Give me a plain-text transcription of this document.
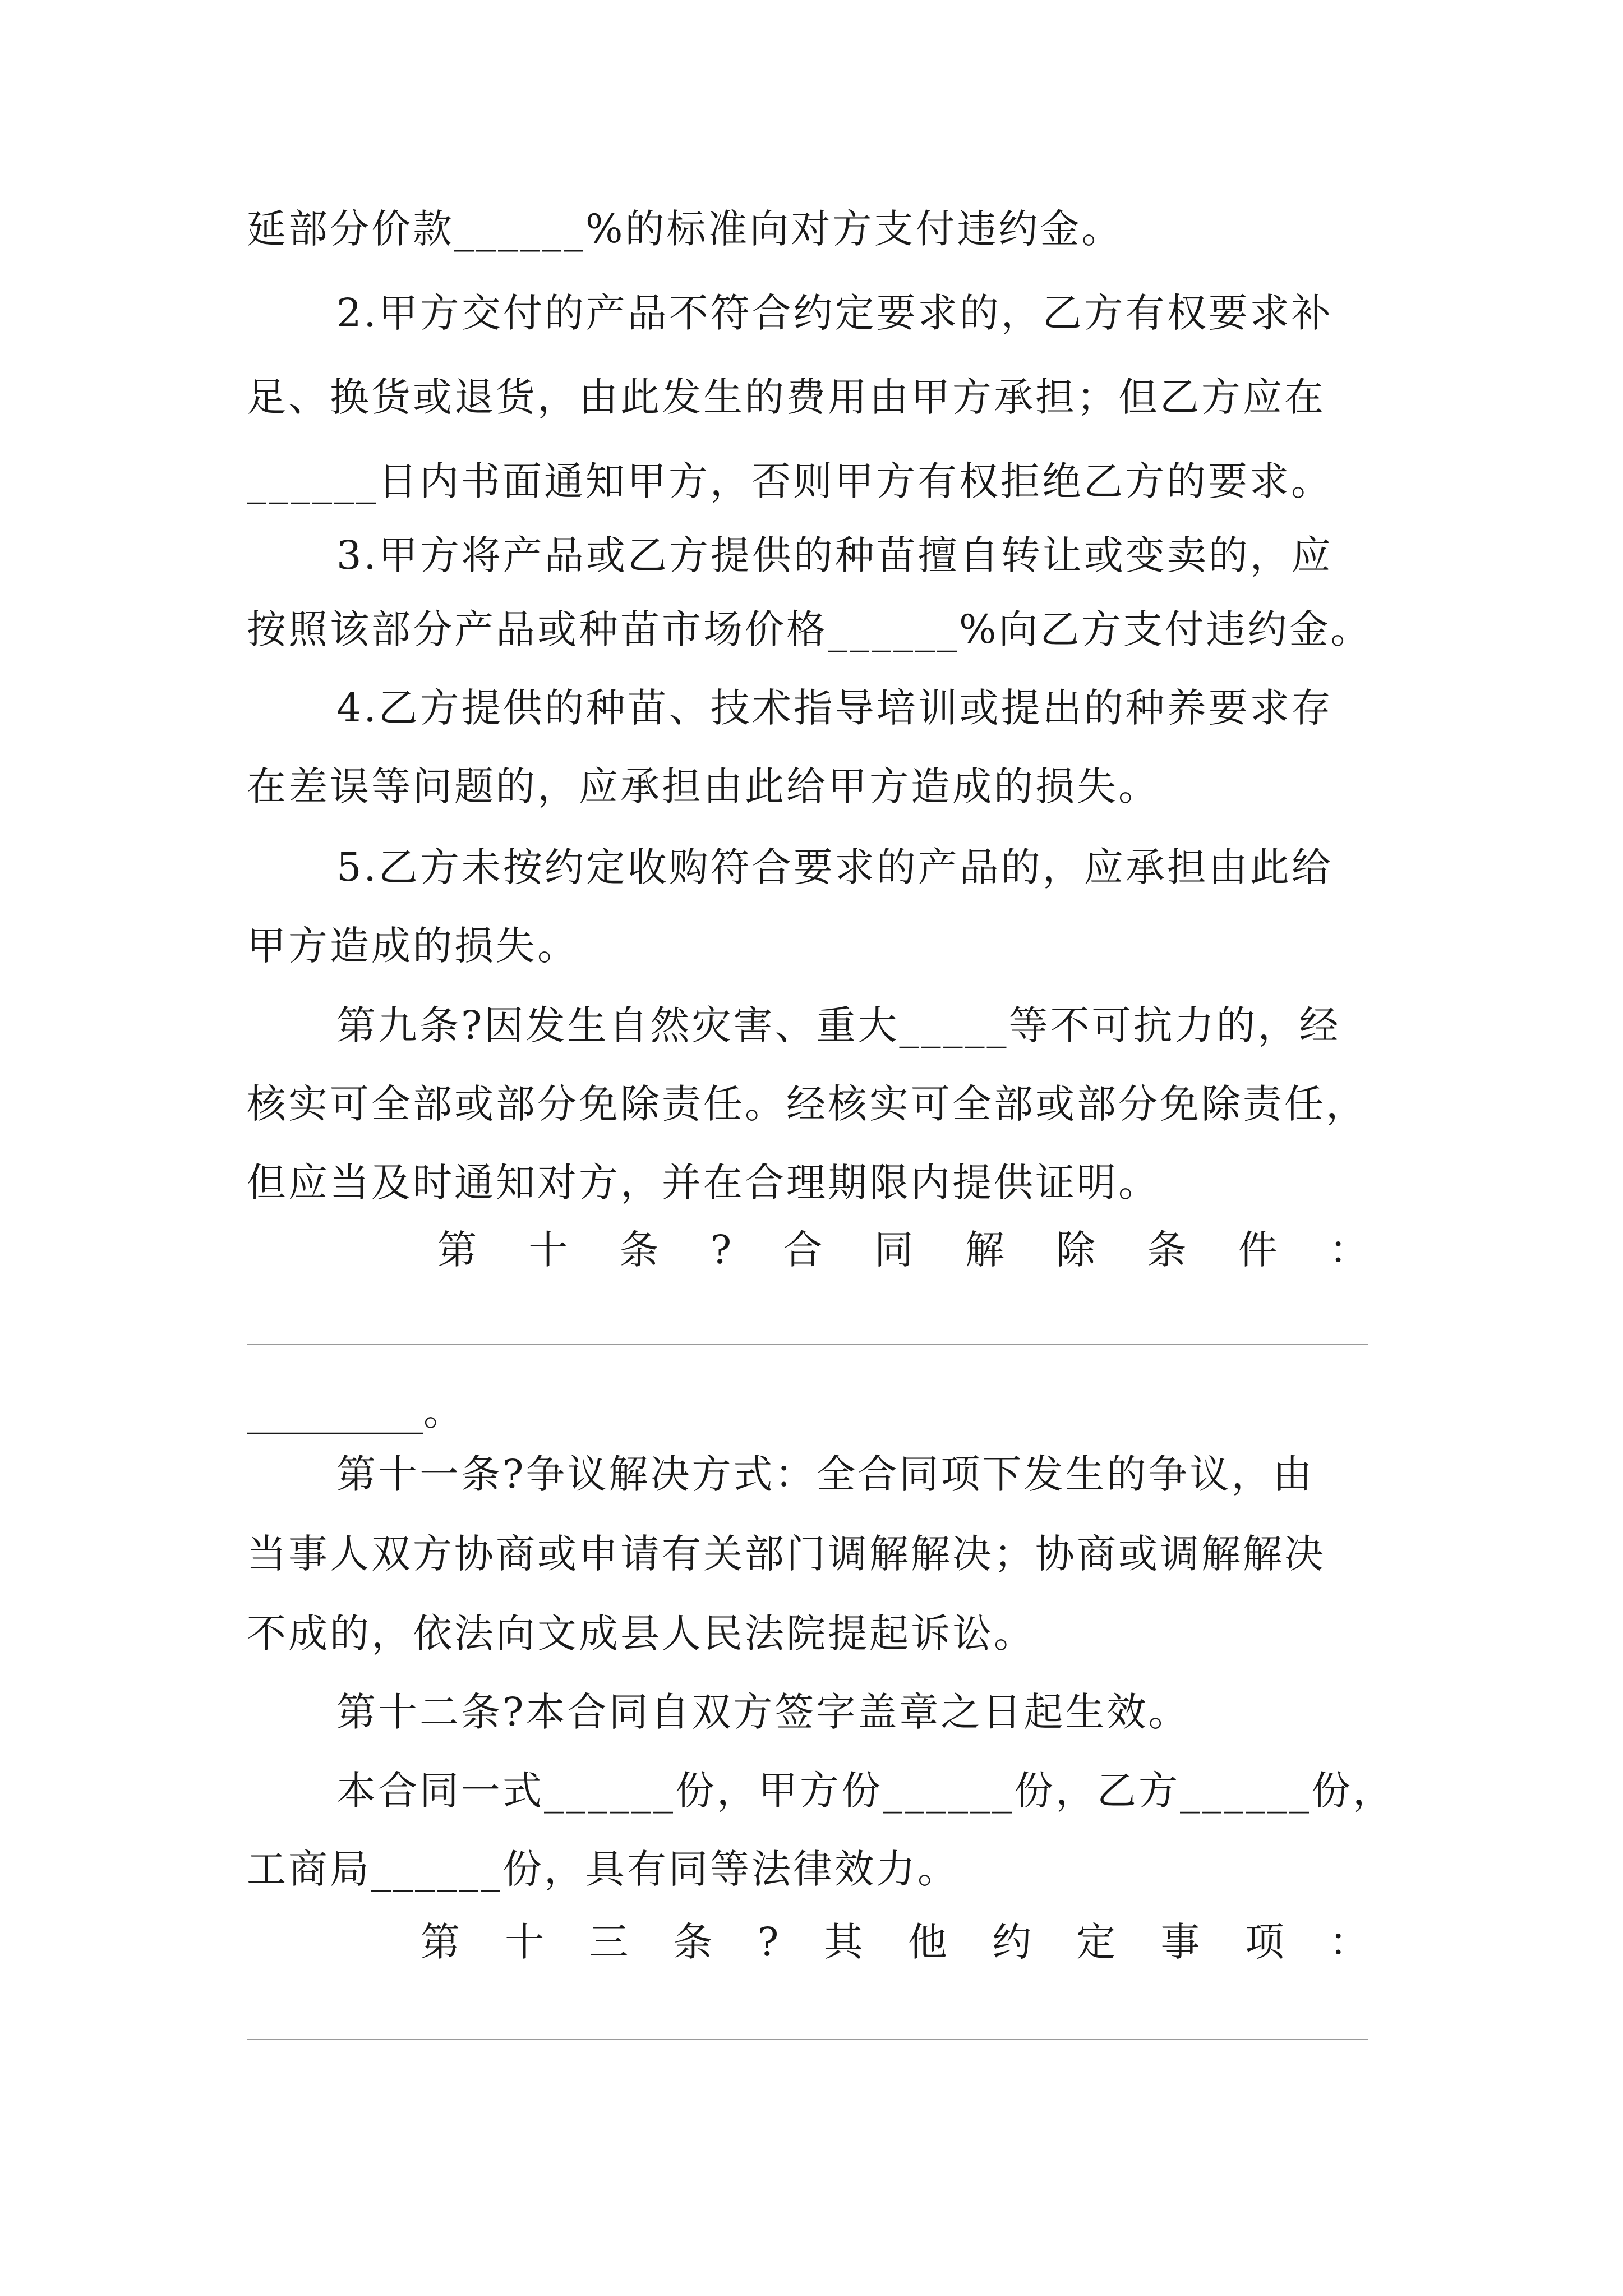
延部分价款______%的标准向对方支付违约金。
2.甲方交付的产品不符合约定要求的，乙方有权要求补
足、换货或退货，由此发生的费用由甲方承担；但乙方应在
______日内书面通知甲方，否则甲方有权拒绝乙方的要求。
3.甲方将产品或乙方提供的种苗擅自转让或变卖的，应
按照该部分产品或种苗市场价格______%向乙方支付违约金。
4.乙方提供的种苗、技术指导培训或提出的种养要求存
在差误等问题的，应承担由此给甲方造成的损失。
5.乙方未按约定收购符合要求的产品的，应承担由此给
甲方造成的损失。
第九条?因发生自然灾害、重大_____等不可抗力的，经
核实可全部或部分免除责任。经核实可全部或部分免除责任，
但应当及时通知对方，并在合理期限内提供证明。
第 十 条 ? 合 同 解 除 条 件 ：
_________。
第十一条?争议解决方式：全合同项下发生的争议，由
当事人双方协商或申请有关部门调解解决；协商或调解解决
不成的，依法向文成县人民法院提起诉讼。
第十二条?本合同自双方签字盖章之日起生效。
本合同一式______份，甲方份______份，乙方______份，
工商局______份，具有同等法律效力。
第 十 三 条 ? 其 他 约 定 事 项 ：
